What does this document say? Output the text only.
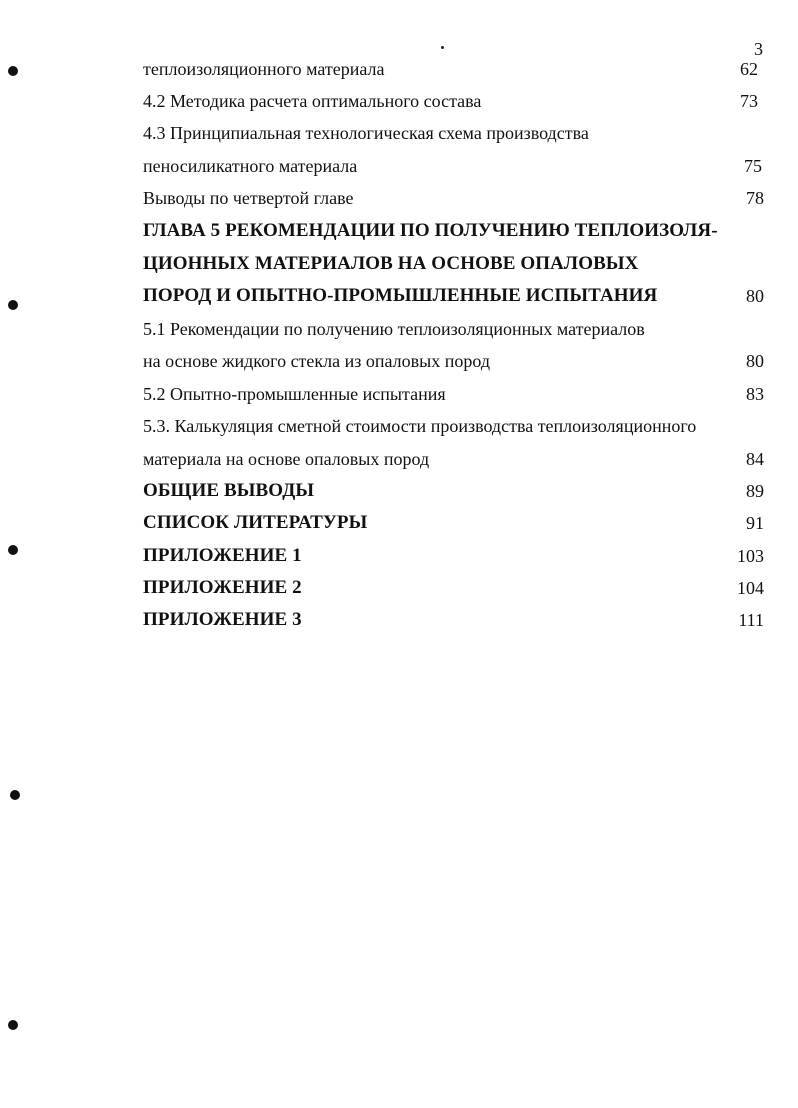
3
теплоизоляционного материала	62
4.2 Методика расчета оптимального состава	73
4.3 Принципиальная технологическая схема производства
пеносиликатного материала	75
Выводы по четвертой главе	78
ГЛАВА 5 РЕКОМЕНДАЦИИ ПО ПОЛУЧЕНИЮ ТЕПЛОИЗОЛЯ-
ЦИОННЫХ МАТЕРИАЛОВ НА ОСНОВЕ ОПАЛОВЫХ
ПОРОД И ОПЫТНО-ПРОМЫШЛЕННЫЕ ИСПЫТАНИЯ	80
5.1 Рекомендации по получению теплоизоляционных материалов
на основе жидкого стекла из опаловых пород	80
5.2 Опытно-промышленные испытания	83
5.3. Калькуляция сметной стоимости производства теплоизоляционного
материала на основе опаловых пород	84
ОБЩИЕ ВЫВОДЫ	89
СПИСОК ЛИТЕРАТУРЫ	91
ПРИЛОЖЕНИЕ 1	103
ПРИЛОЖЕНИЕ 2	104
ПРИЛОЖЕНИЕ 3	111
